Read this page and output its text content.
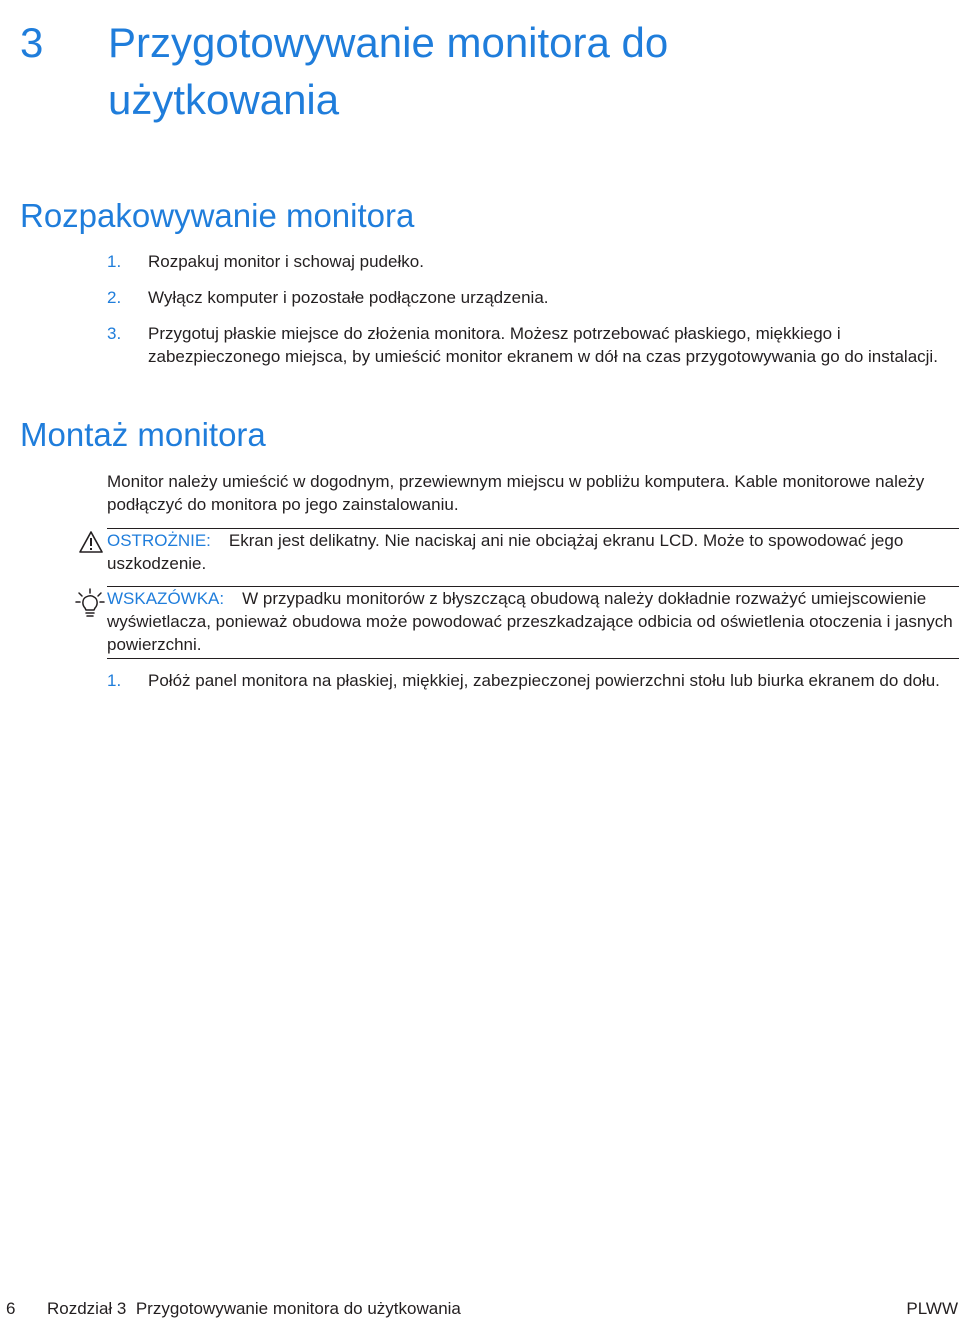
3 Przygotowywanie monitora do użytkowania
Rozpakowywanie monitora
1. Rozpakuj monitor i schowaj pudełko.
2. Wyłącz komputer i pozostałe podłączone urządzenia.
3. Przygotuj płaskie miejsce do złożenia monitora. Możesz potrzebować płaskiego, miękkiego i zabezpieczonego miejsca, by umieścić monitor ekranem w dół na czas przygotowywania go do instalacji.
Montaż monitora

Monitor należy umieścić w dogodnym, przewiewnym miejscu w pobliżu komputera. Kable monitorowe należy podłączyć do monitora po jego zainstalowaniu.

OSTROŻNIE: Ekran jest delikatny. Nie naciskaj ani nie obciążaj ekranu LCD. Może to spowodować jego uszkodzenie.

WSKAZÓWKA: W przypadku monitorów z błyszczącą obudową należy dokładnie rozważyć umiejscowienie wyświetlacza, ponieważ obudowa może powodować przeszkadzające odbicia od oświetlenia otoczenia i jasnych powierzchni.

1. Połóż panel monitora na płaskiej, miękkiej, zabezpieczonej powierzchni stołu lub biurka ekranem do dołu.
6 Rozdział 3 Przygotowywanie monitora do użytkowania	PLWW
